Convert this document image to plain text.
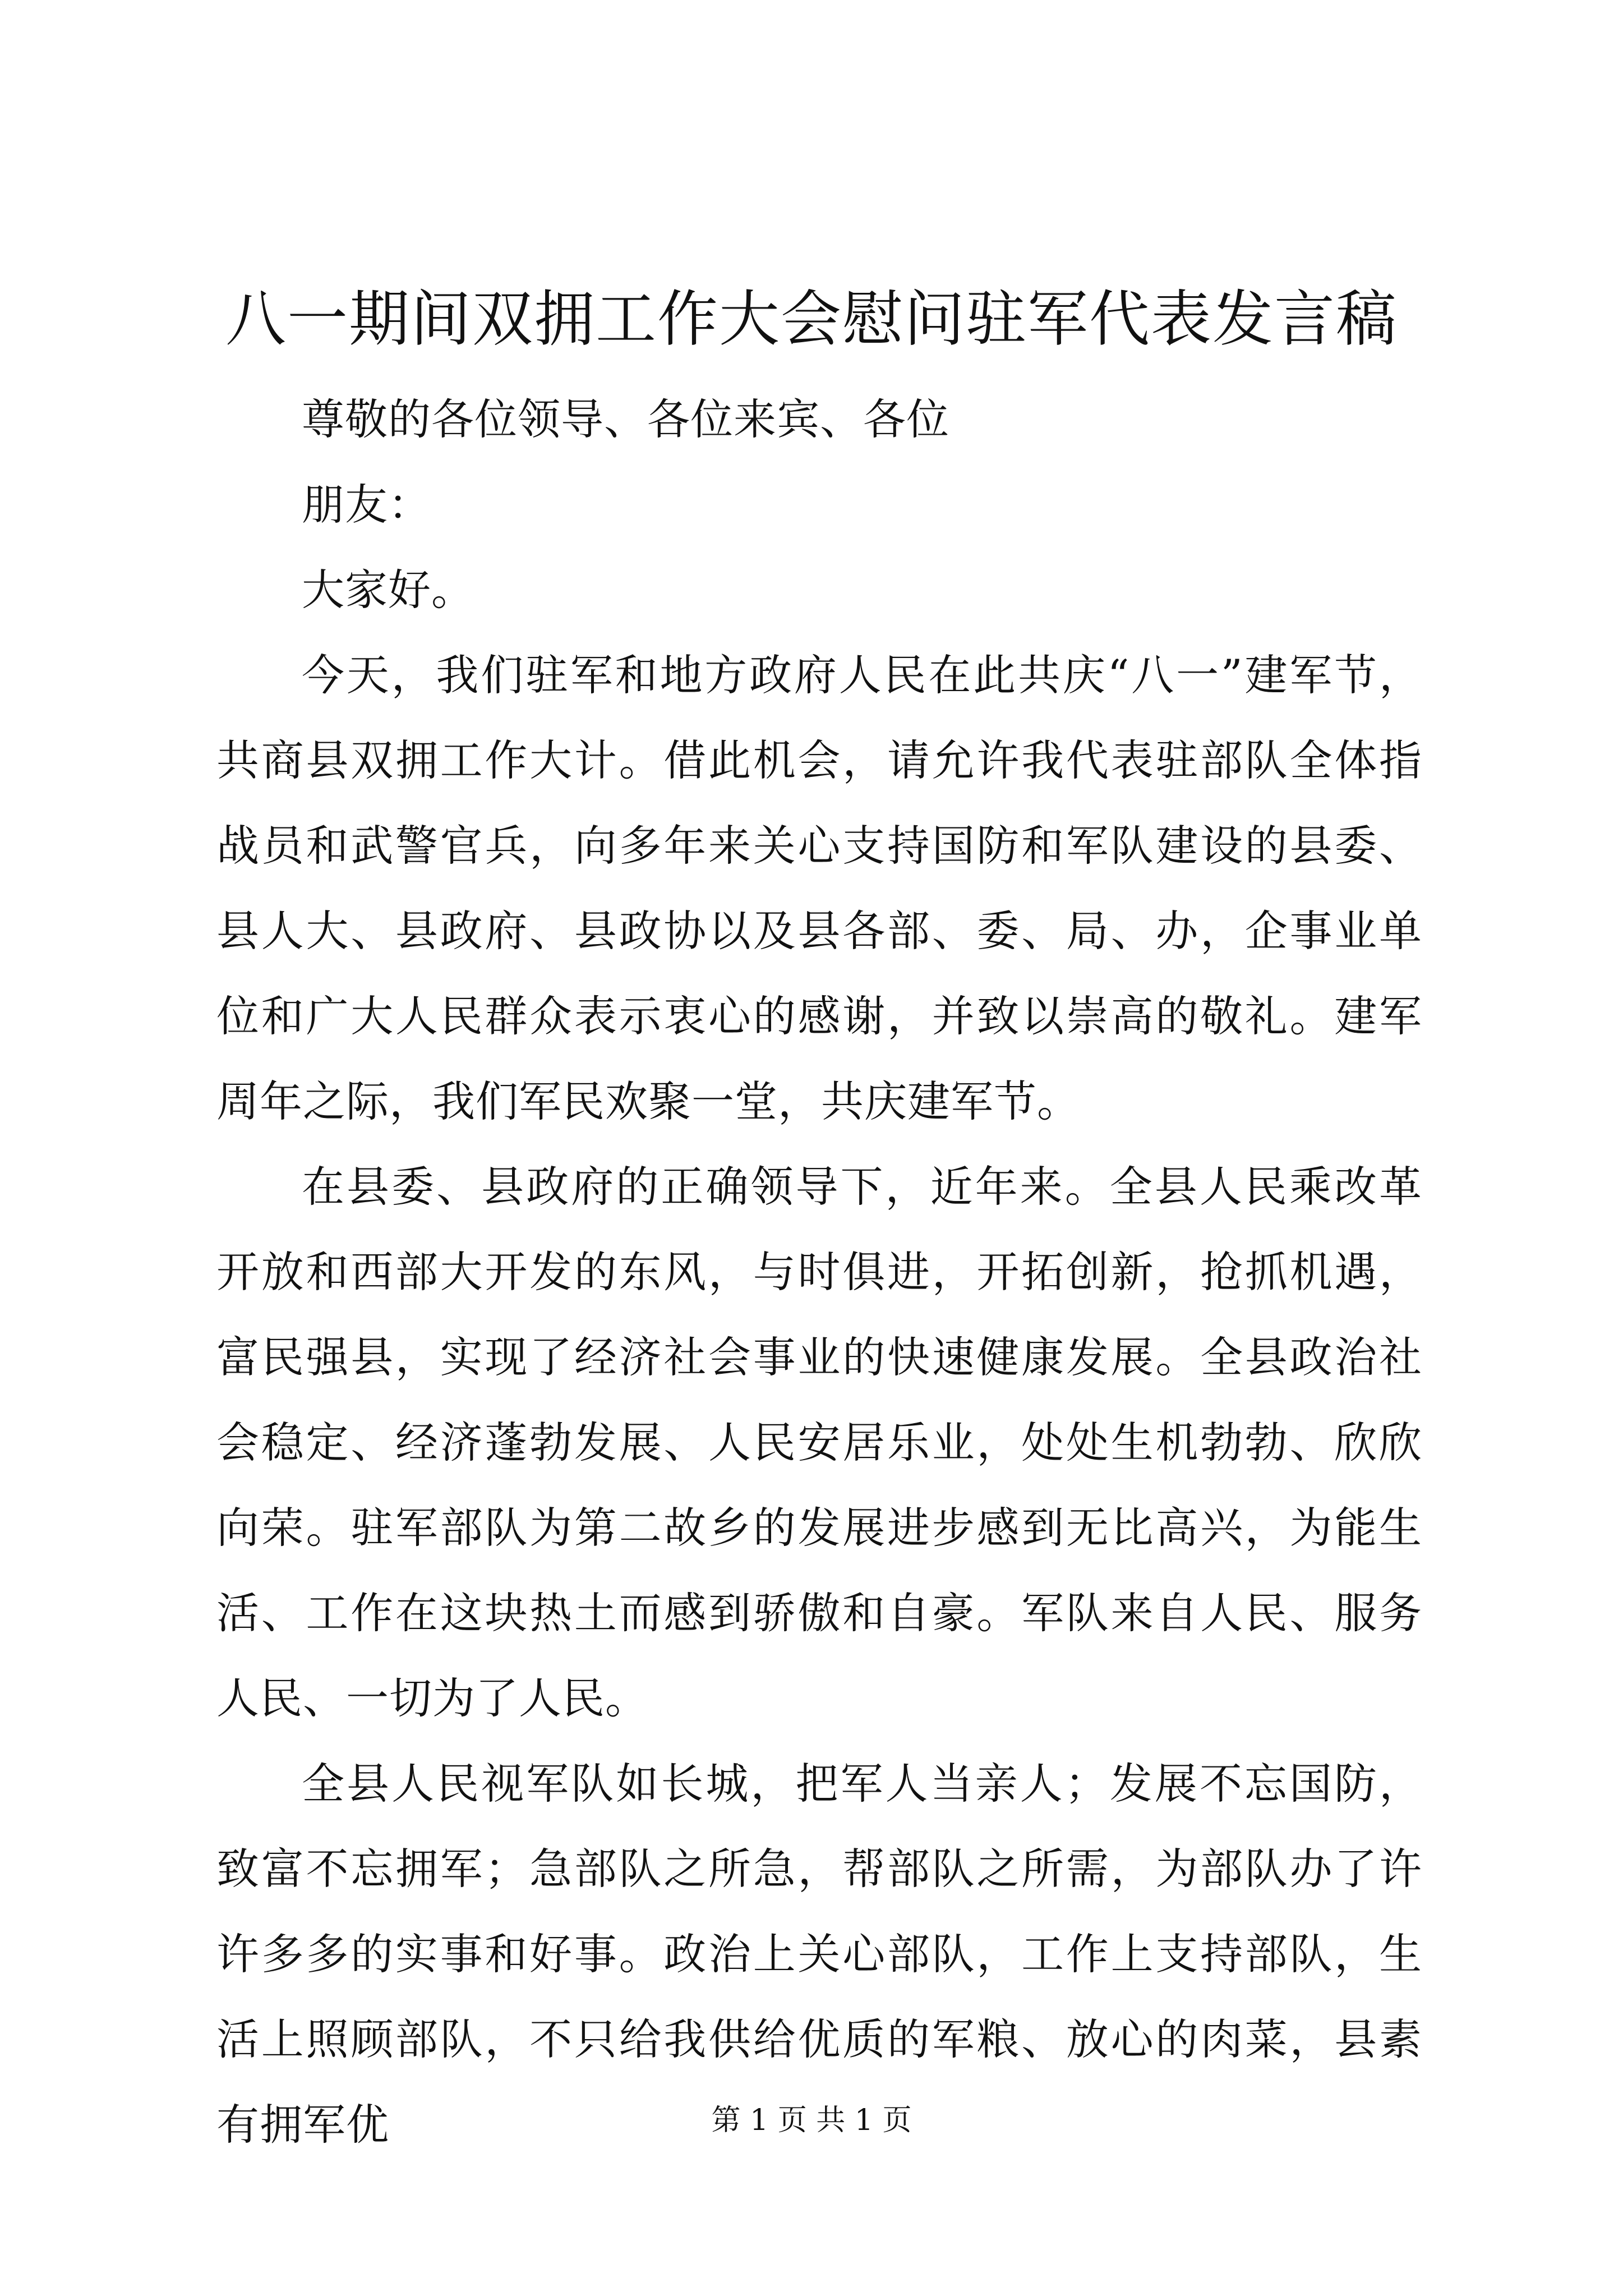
八一期间双拥工作大会慰问驻军代表发言稿

尊敬的各位领导、各位来宾、各位

朋友：

大家好。

今天，我们驻军和地方政府人民在此共庆“八一”建军节，共商县双拥工作大计。借此机会，请允许我代表驻部队全体指战员和武警官兵，向多年来关心支持国防和军队建设的县委、县人大、县政府、县政协以及县各部、委、局、办，企事业单位和广大人民群众表示衷心的感谢，并致以崇高的敬礼。建军周年之际，我们军民欢聚一堂，共庆建军节。

在县委、县政府的正确领导下，近年来。全县人民乘改革开放和西部大开发的东风，与时俱进，开拓创新，抢抓机遇，富民强县，实现了经济社会事业的快速健康发展。全县政治社会稳定、经济蓬勃发展、人民安居乐业，处处生机勃勃、欣欣向荣。驻军部队为第二故乡的发展进步感到无比高兴，为能生活、工作在这块热土而感到骄傲和自豪。军队来自人民、服务人民、一切为了人民。

全县人民视军队如长城，把军人当亲人；发展不忘国防，致富不忘拥军；急部队之所急，帮部队之所需，为部队办了许许多多的实事和好事。政治上关心部队，工作上支持部队，生活上照顾部队，不只给我供给优质的军粮、放心的肉菜，县素有拥军优	第 1 页 共 1 页
